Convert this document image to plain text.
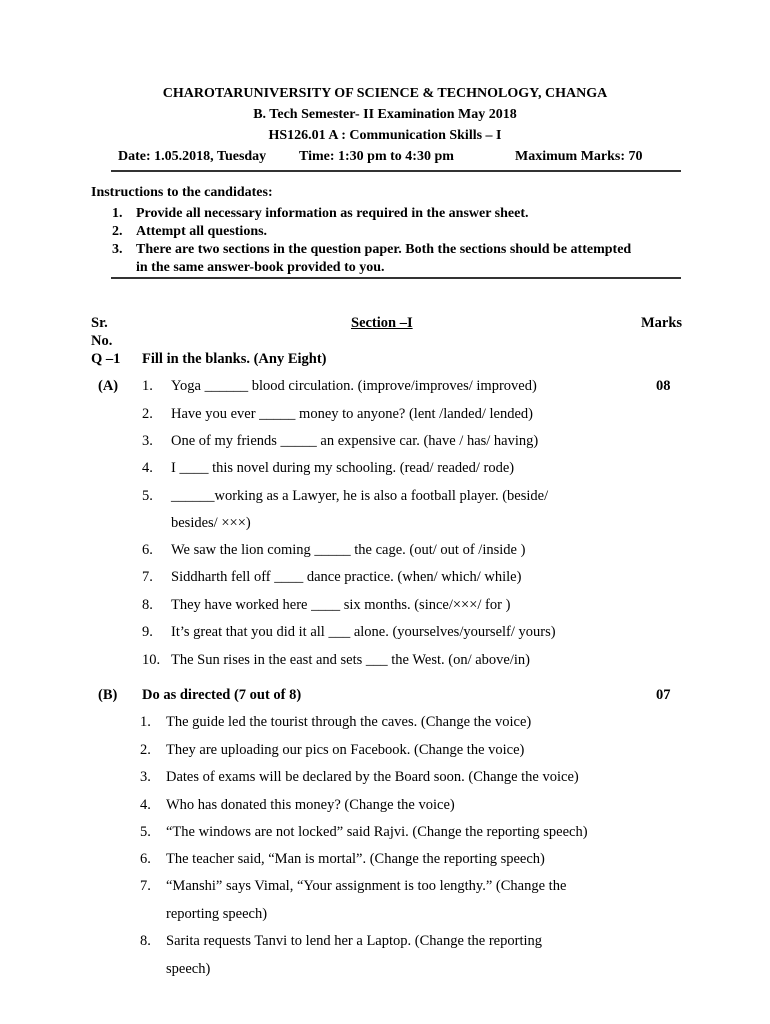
CHAROTARUNIVERSITY OF SCIENCE & TECHNOLOGY, CHANGA
B. Tech Semester- II Examination May 2018
HS126.01 A : Communication Skills – I
Date: 1.05.2018, Tuesday Time: 1:30 pm to 4:30 pm	Maximum Marks: 70
Instructions to the candidates:
1. Provide all necessary information as required in the answer sheet.
2. Attempt all questions.
3. There are two sections in the question paper. Both the sections should be attempted
in the same answer-book provided to you.
Sr.
No.
Section –I	Marks
Q –1 Fill in the blanks. (Any Eight)
(A)	08
1. Yoga ______ blood circulation. (improve/improves/ improved)
2. Have you ever _____ money to anyone? (lent /landed/ lended)
3. One of my friends _____ an expensive car. (have / has/ having)
4. I ____ this novel during my schooling. (read/ readed/ rode)
5. ______working as a Lawyer, he is also a football player. (beside/
besides/ ×××)
6. We saw the lion coming _____ the cage. (out/ out of /inside )
7. Siddharth fell off ____ dance practice. (when/ which/ while)
8. They have worked here ____ six months. (since/×××/ for )
9. It’s great that you did it all ___ alone. (yourselves/yourself/ yours)
10. The Sun rises in the east and sets ___ the West. (on/ above/in)
(B) Do as directed (7 out of 8)	07
1. The guide led the tourist through the caves. (Change the voice)
2. They are uploading our pics on Facebook. (Change the voice)
3. Dates of exams will be declared by the Board soon. (Change the voice)
4. Who has donated this money? (Change the voice)
5. “The windows are not locked” said Rajvi. (Change the reporting speech)
6. The teacher said, “Man is mortal”. (Change the reporting speech)
7. “Manshi” says Vimal, “Your assignment is too lengthy.” (Change the
reporting speech)
8. Sarita requests Tanvi to lend her a Laptop. (Change the reporting
speech)
